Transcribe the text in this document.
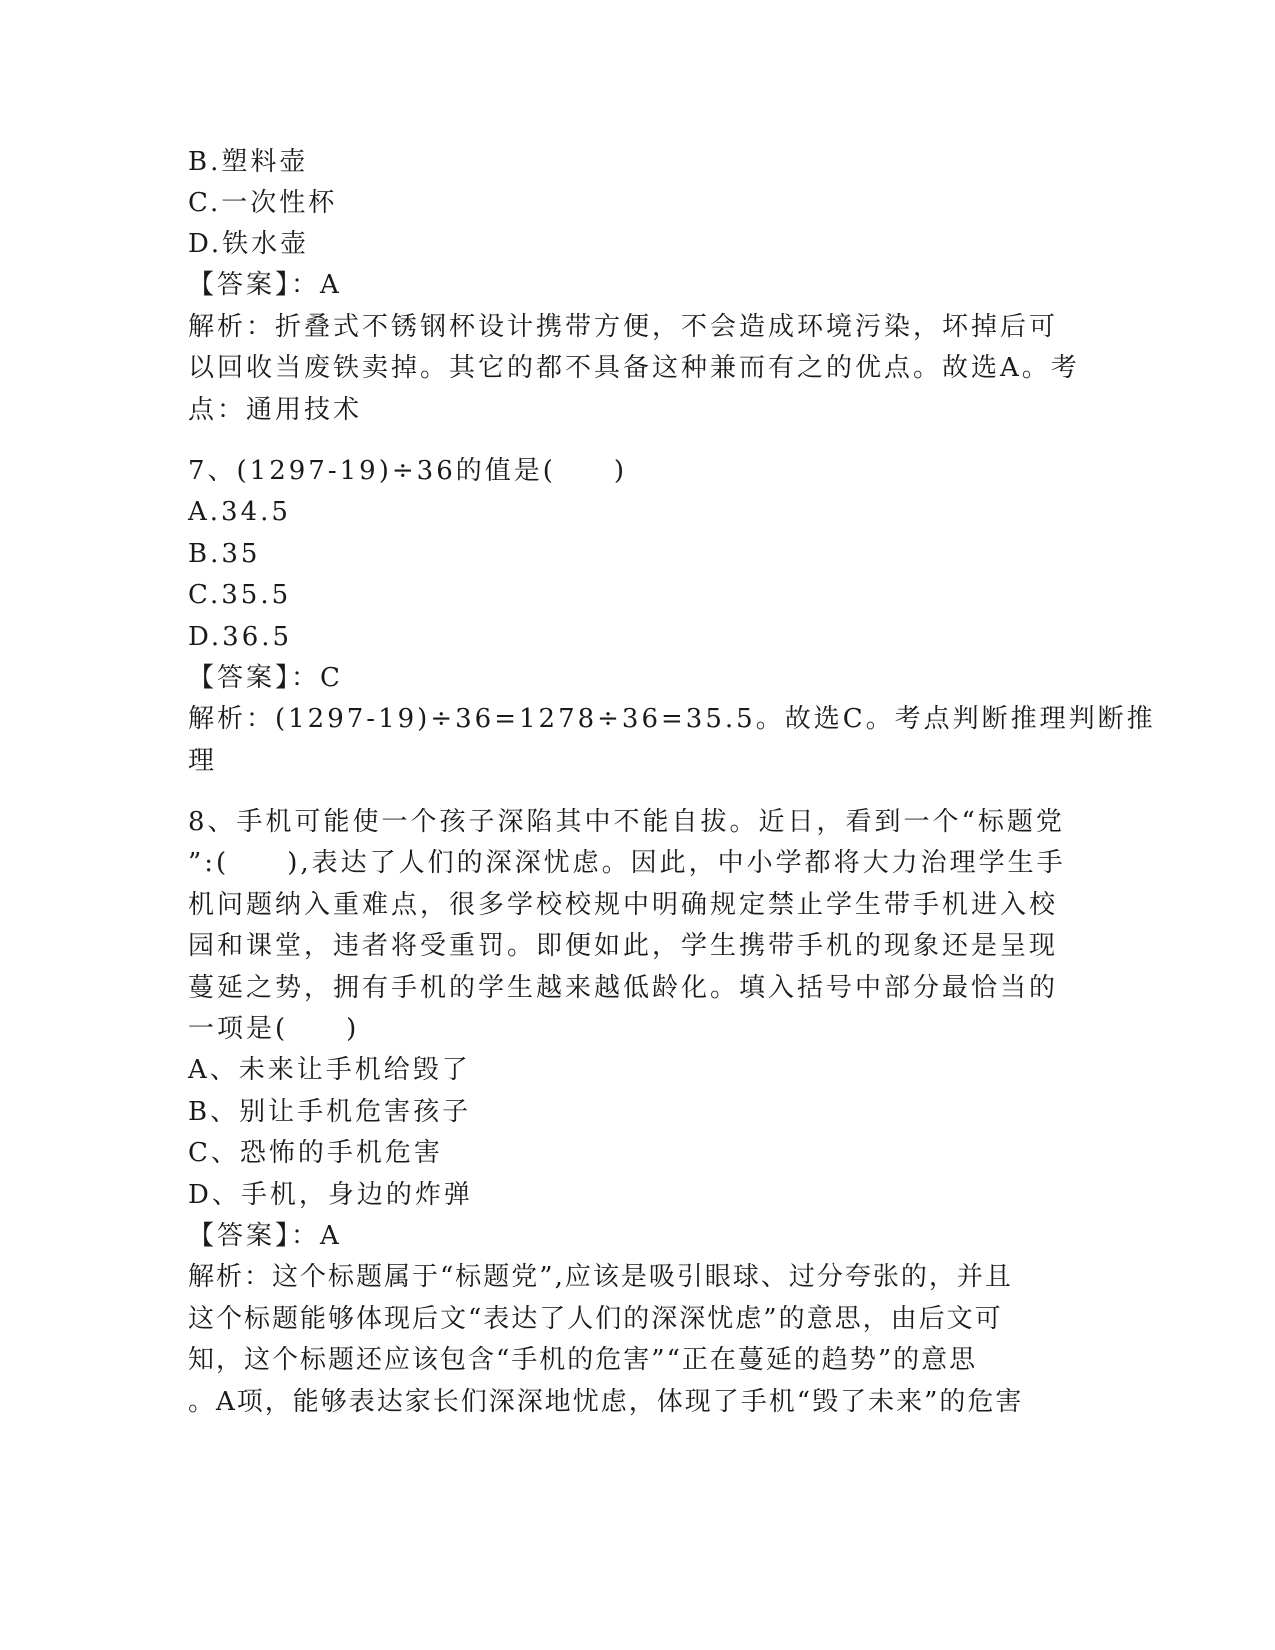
B.塑料壶
C.一次性杯
D.铁水壶
【答案】：A
解析：折叠式不锈钢杯设计携带方便，不会造成环境污染，坏掉后可
以回收当废铁卖掉。其它的都不具备这种兼而有之的优点。故选A。考
点：通用技术
7、(1297-19)÷36的值是(　　)
A.34.5
B.35
C.35.5
D.36.5
【答案】：C
解析：(1297-19)÷36=1278÷36=35.5。故选C。考点判断推理判断推
理
8、手机可能使一个孩子深陷其中不能自拔。近日，看到一个“标题党
”:(　　),表达了人们的深深忧虑。因此，中小学都将大力治理学生手
机问题纳入重难点，很多学校校规中明确规定禁止学生带手机进入校
园和课堂，违者将受重罚。即便如此，学生携带手机的现象还是呈现
蔓延之势，拥有手机的学生越来越低龄化。填入括号中部分最恰当的
一项是(　　)
A、未来让手机给毁了
B、别让手机危害孩子
C、恐怖的手机危害
D、手机，身边的炸弹
【答案】：A
解析：这个标题属于“标题党”,应该是吸引眼球、过分夸张的，并且
这个标题能够体现后文“表达了人们的深深忧虑”的意思，由后文可
知，这个标题还应该包含“手机的危害”“正在蔓延的趋势”的意思
。A项，能够表达家长们深深地忧虑，体现了手机“毁了未来”的危害
